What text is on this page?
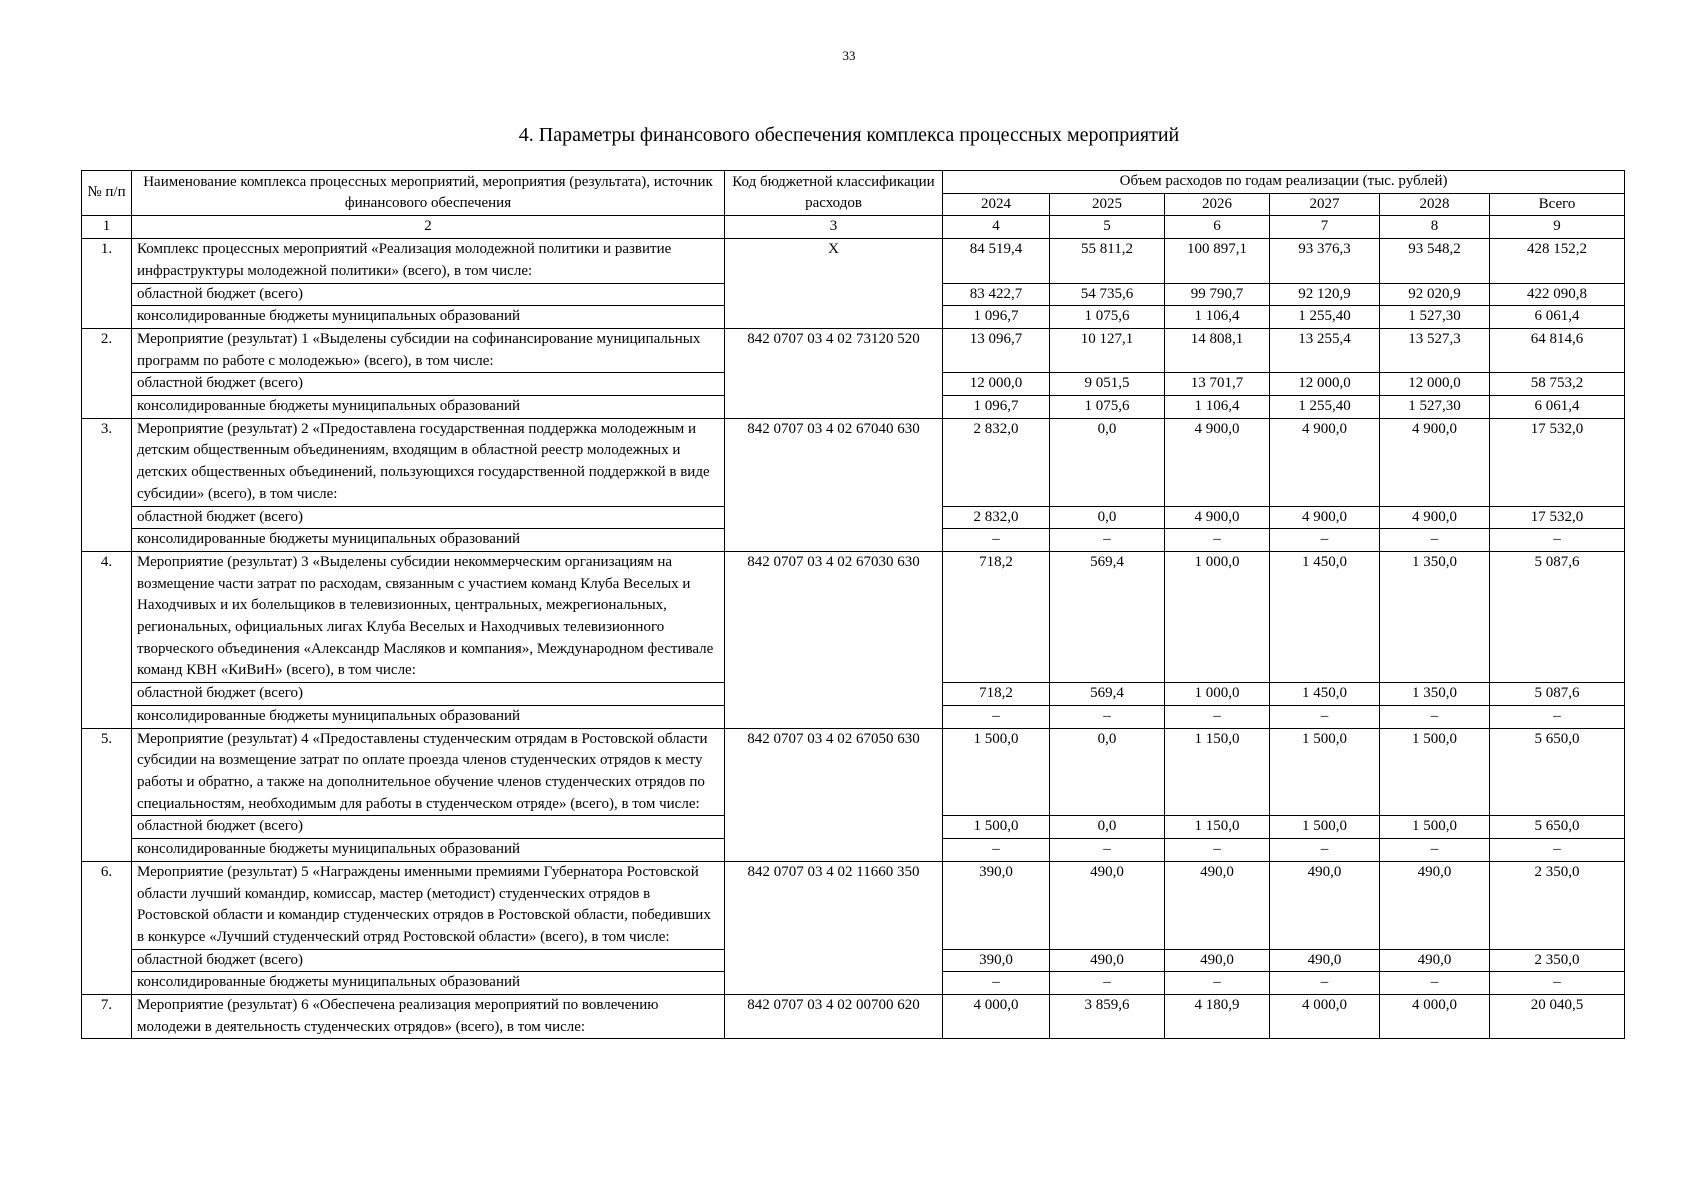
33
4. Параметры финансового обеспечения комплекса процессных мероприятий
№ п/п	Наименование комплекса процессных мероприятий, мероприятия (результата), источник финансового обеспечения	Код бюджетной классификации расходов	Объем расходов по годам реализации (тыс. рублей)					
			2024	2025	2026	2027	2028	Всего
1	2	3	4	5	6	7	8	9
1.	Комплекс процессных мероприятий «Реализация молодежной политики и развитие инфраструктуры молодежной политики» (всего), в том числе:	X	84 519,4	55 811,2	100 897,1	93 376,3	93 548,2	428 152,2
	областной бюджет (всего)		83 422,7	54 735,6	99 790,7	92 120,9	92 020,9	422 090,8
	консолидированные бюджеты муниципальных образований		1 096,7	1 075,6	1 106,4	1 255,40	1 527,30	6 061,4
2.	Мероприятие (результат) 1 «Выделены субсидии на софинансирование муниципальных программ по работе с молодежью» (всего), в том числе:	842 0707 03 4 02 73120 520	13 096,7	10 127,1	14 808,1	13 255,4	13 527,3	64 814,6
	областной бюджет (всего)		12 000,0	9 051,5	13 701,7	12 000,0	12 000,0	58 753,2
	консолидированные бюджеты муниципальных образований		1 096,7	1 075,6	1 106,4	1 255,40	1 527,30	6 061,4
3.	Мероприятие (результат) 2 «Предоставлена государственная поддержка молодежным и детским общественным объединениям, входящим в областной реестр молодежных и детских общественных объединений, пользующихся государственной поддержкой в виде субсидии» (всего), в том числе:	842 0707 03 4 02 67040 630	2 832,0	0,0	4 900,0	4 900,0	4 900,0	17 532,0
	областной бюджет (всего)		2 832,0	0,0	4 900,0	4 900,0	4 900,0	17 532,0
	консолидированные бюджеты муниципальных образований		–	–	–	–	–	–
4.	Мероприятие (результат) 3 «Выделены субсидии некоммерческим организациям на возмещение части затрат по расходам, связанным с участием команд Клуба Веселых и Находчивых и их болельщиков в телевизионных, центральных, межрегиональных, региональных, официальных лигах Клуба Веселых и Находчивых телевизионного творческого объединения «Александр Масляков и компания», Международном фестивале команд КВН «КиВиН» (всего), в том числе:	842 0707 03 4 02 67030 630	718,2	569,4	1 000,0	1 450,0	1 350,0	5 087,6
	областной бюджет (всего)		718,2	569,4	1 000,0	1 450,0	1 350,0	5 087,6
	консолидированные бюджеты муниципальных образований		–	–	–	–	–	–
5.	Мероприятие (результат) 4 «Предоставлены студенческим отрядам в Ростовской области субсидии на возмещение затрат по оплате проезда членов студенческих отрядов к месту работы и обратно, а также на дополнительное обучение членов студенческих отрядов по специальностям, необходимым для работы в студенческом отряде» (всего), в том числе:	842 0707 03 4 02 67050 630	1 500,0	0,0	1 150,0	1 500,0	1 500,0	5 650,0
	областной бюджет (всего)		1 500,0	0,0	1 150,0	1 500,0	1 500,0	5 650,0
	консолидированные бюджеты муниципальных образований		–	–	–	–	–	–
6.	Мероприятие (результат) 5 «Награждены именными премиями Губернатора Ростовской области лучший командир, комиссар, мастер (методист) студенческих отрядов в Ростовской области и командир студенческих отрядов в Ростовской области, победивших в конкурсе «Лучший студенческий отряд Ростовской области» (всего), в том числе:	842 0707 03 4 02 11660 350	390,0	490,0	490,0	490,0	490,0	2 350,0
	областной бюджет (всего)		390,0	490,0	490,0	490,0	490,0	2 350,0
	консолидированные бюджеты муниципальных образований		–	–	–	–	–	–
7.	Мероприятие (результат) 6 «Обеспечена реализация мероприятий по вовлечению молодежи в деятельность студенческих отрядов» (всего), в том числе:	842 0707 03 4 02 00700 620	4 000,0	3 859,6	4 180,9	4 000,0	4 000,0	20 040,5
